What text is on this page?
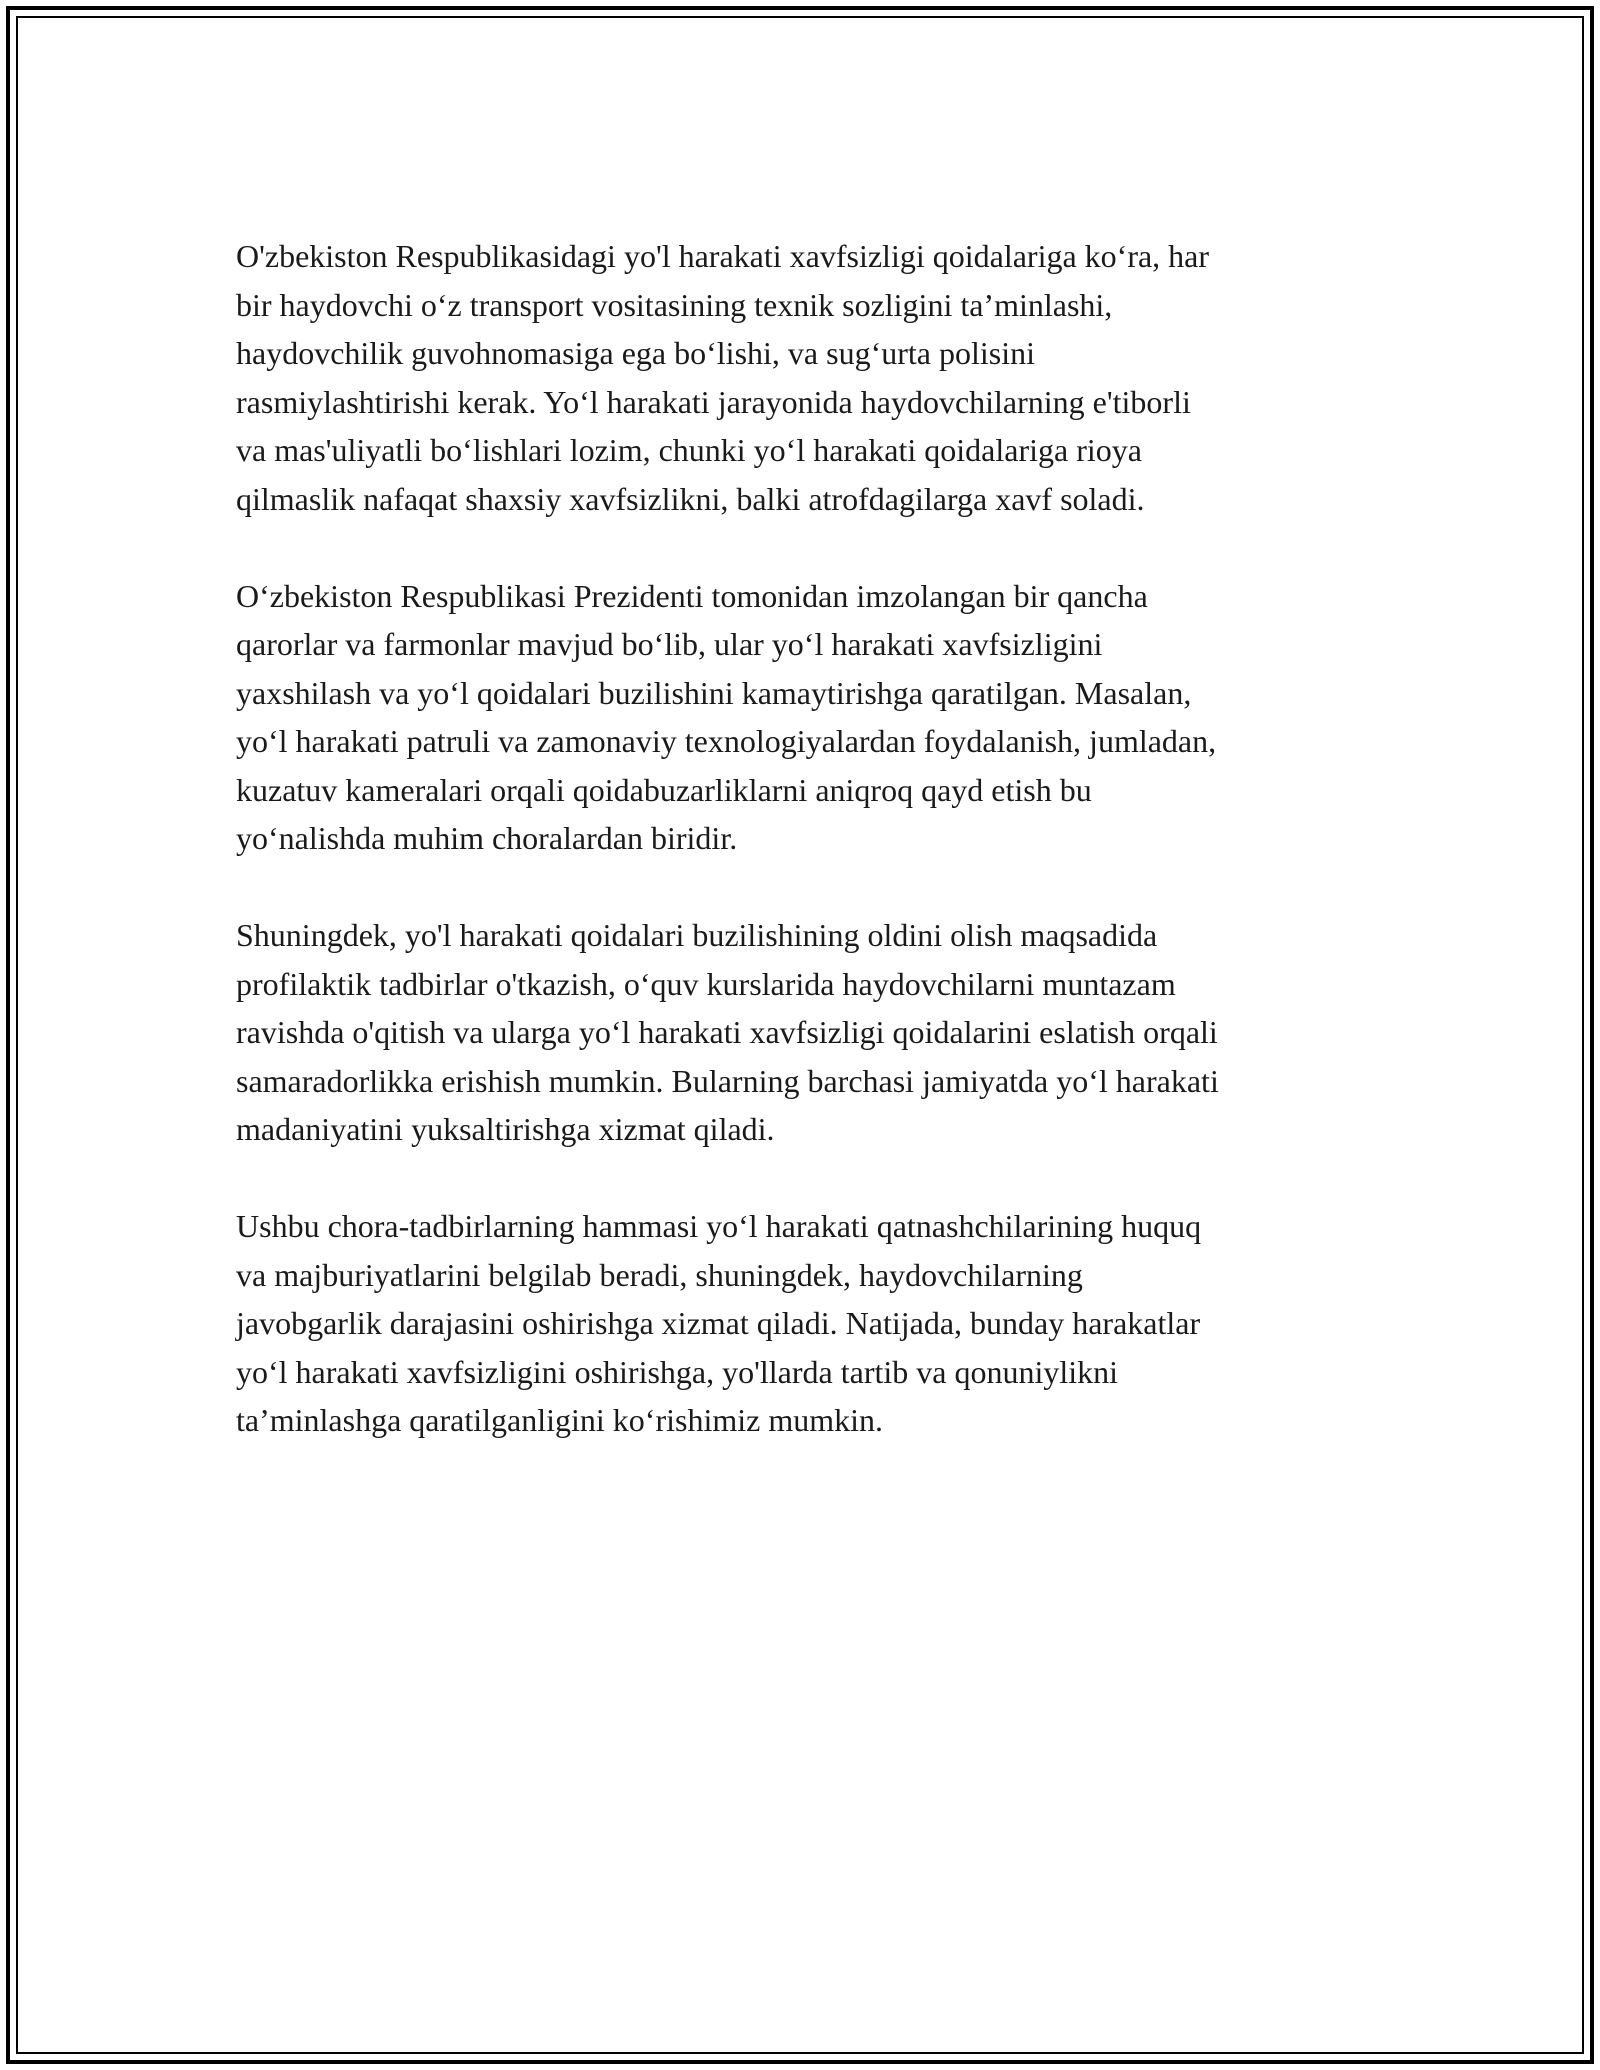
O'zbekiston Respublikasidagi yo'l harakati xavfsizligi qoidalariga ko‘ra, har
bir haydovchi o‘z transport vositasining texnik sozligini ta’minlashi,
haydovchilik guvohnomasiga ega bo‘lishi, va sug‘urta polisini
rasmiylashtirishi kerak. Yo‘l harakati jarayonida haydovchilarning e'tiborli
va mas'uliyatli bo‘lishlari lozim, chunki yo‘l harakati qoidalariga rioya
qilmaslik nafaqat shaxsiy xavfsizlikni, balki atrofdagilarga xavf soladi.

O‘zbekiston Respublikasi Prezidenti tomonidan imzolangan bir qancha
qarorlar va farmonlar mavjud bo‘lib, ular yo‘l harakati xavfsizligini
yaxshilash va yo‘l qoidalari buzilishini kamaytirishga qaratilgan. Masalan,
yo‘l harakati patruli va zamonaviy texnologiyalardan foydalanish, jumladan,
kuzatuv kameralari orqali qoidabuzarliklarni aniqroq qayd etish bu
yo‘nalishda muhim choralardan biridir.

Shuningdek, yo'l harakati qoidalari buzilishining oldini olish maqsadida
profilaktik tadbirlar o'tkazish, o‘quv kurslarida haydovchilarni muntazam
ravishda o'qitish va ularga yo‘l harakati xavfsizligi qoidalarini eslatish orqali
samaradorlikka erishish mumkin. Bularning barchasi jamiyatda yo‘l harakati
madaniyatini yuksaltirishga xizmat qiladi.

Ushbu chora-tadbirlarning hammasi yo‘l harakati qatnashchilarining huquq
va majburiyatlarini belgilab beradi, shuningdek, haydovchilarning
javobgarlik darajasini oshirishga xizmat qiladi. Natijada, bunday harakatlar
yo‘l harakati xavfsizligini oshirishga, yo'llarda tartib va qonuniylikni
ta’minlashga qaratilganligini ko‘rishimiz mumkin.
